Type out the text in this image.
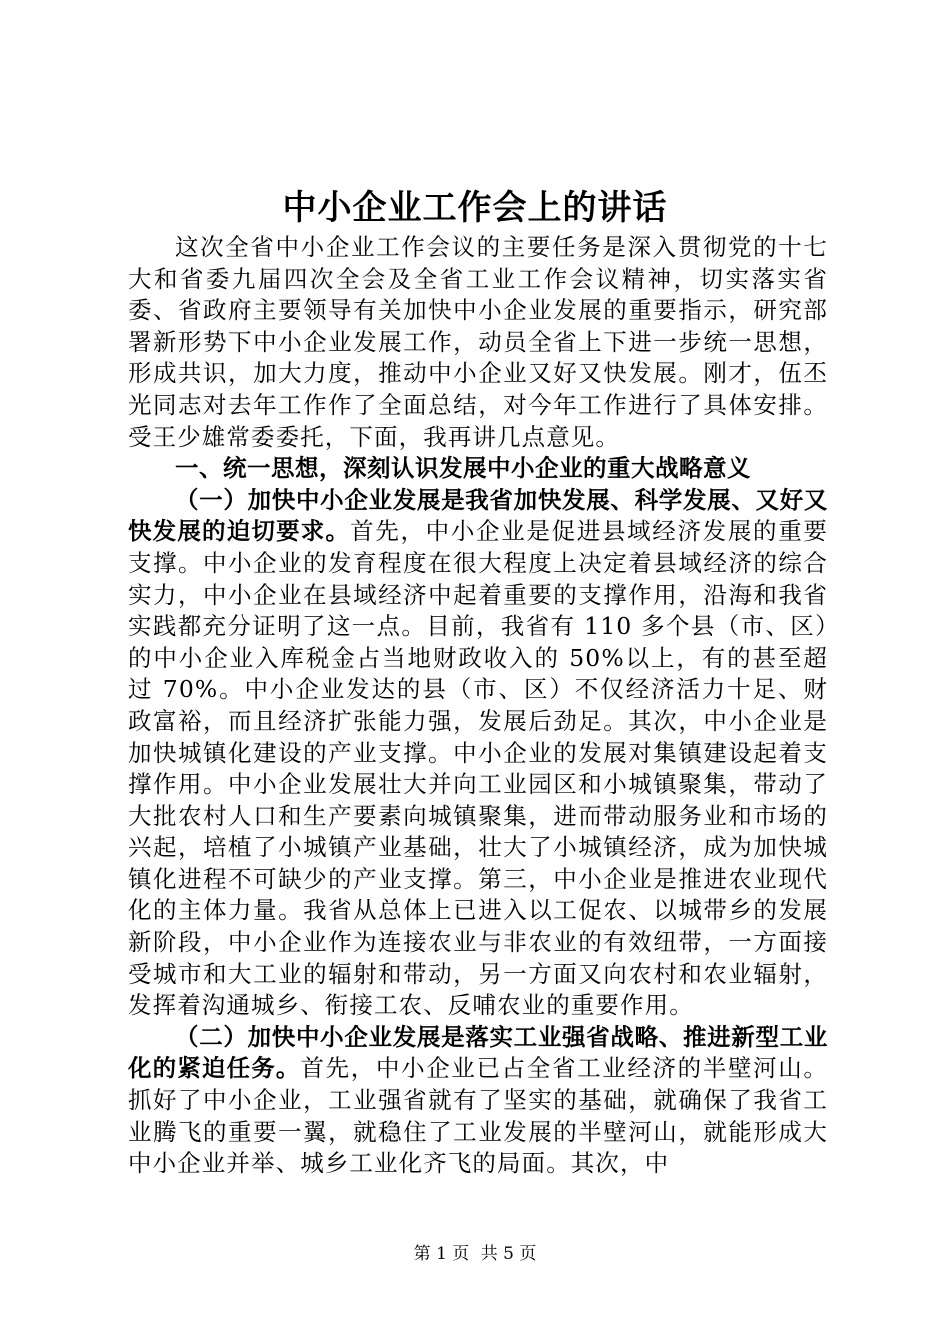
中小企业工作会上的讲话

这次全省中小企业工作会议的主要任务是深入贯彻党的十七大和省委九届四次全会及全省工业工作会议精神，切实落实省委、省政府主要领导有关加快中小企业发展的重要指示，研究部署新形势下中小企业发展工作，动员全省上下进一步统一思想，形成共识，加大力度，推动中小企业又好又快发展。刚才，伍丕光同志对去年工作作了全面总结，对今年工作进行了具体安排。受王少雄常委委托，下面，我再讲几点意见。

一、统一思想，深刻认识发展中小企业的重大战略意义

（一）加快中小企业发展是我省加快发展、科学发展、又好又快发展的迫切要求。首先，中小企业是促进县域经济发展的重要支撑。中小企业的发育程度在很大程度上决定着县域经济的综合实力，中小企业在县域经济中起着重要的支撑作用，沿海和我省实践都充分证明了这一点。目前，我省有 110 多个县（市、区）的中小企业入库税金占当地财政收入的 50%以上，有的甚至超过 70%。中小企业发达的县（市、区）不仅经济活力十足、财政富裕，而且经济扩张能力强，发展后劲足。其次，中小企业是加快城镇化建设的产业支撑。中小企业的发展对集镇建设起着支撑作用。中小企业发展壮大并向工业园区和小城镇聚集，带动了大批农村人口和生产要素向城镇聚集，进而带动服务业和市场的兴起，培植了小城镇产业基础，壮大了小城镇经济，成为加快城镇化进程不可缺少的产业支撑。第三，中小企业是推进农业现代化的主体力量。我省从总体上已进入以工促农、以城带乡的发展新阶段，中小企业作为连接农业与非农业的有效纽带，一方面接受城市和大工业的辐射和带动，另一方面又向农村和农业辐射，发挥着沟通城乡、衔接工农、反哺农业的重要作用。

（二）加快中小企业发展是落实工业强省战略、推进新型工业化的紧迫任务。首先，中小企业已占全省工业经济的半壁河山。抓好了中小企业，工业强省就有了坚实的基础，就确保了我省工业腾飞的重要一翼，就稳住了工业发展的半壁河山，就能形成大中小企业并举、城乡工业化齐飞的局面。其次，中

第 1 页 共 5 页
